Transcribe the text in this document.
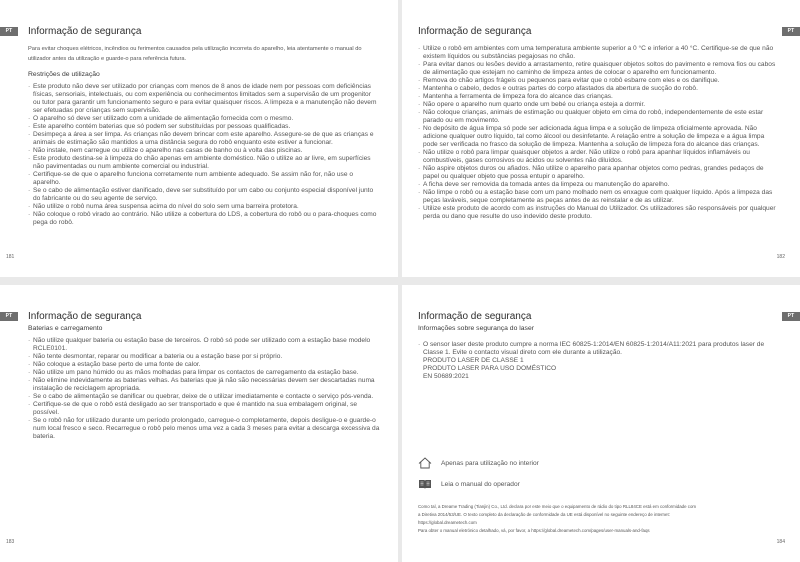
PT	Informação de segurança

Para evitar choques elétricos, incêndios ou ferimentos causados pela utilização incorreta do aparelho, leia atentamente o manual do utilizador antes da utilização e guarde-o para referência futura.

Restrições de utilização

· Este produto não deve ser utilizado por crianças com menos de 8 anos de idade nem por pessoas com deficiências físicas, sensoriais, intelectuais, ou com experiência ou conhecimentos limitados sem a supervisão de um progenitor ou tutor para garantir um funcionamento seguro e para evitar quaisquer riscos. A limpeza e a manutenção não devem ser efetuadas por crianças sem supervisão.
· O aparelho só deve ser utilizado com a unidade de alimentação fornecida com o mesmo.
· Este aparelho contém baterias que só podem ser substituídas por pessoas qualificadas.
· Desimpeça a área a ser limpa. As crianças não devem brincar com este aparelho. Assegure-se de que as crianças e animais de estimação são mantidos a uma distância segura do robô enquanto este estiver a funcionar.
· Não instale, nem carregue ou utilize o aparelho nas casas de banho ou à volta das piscinas.
· Este produto destina-se à limpeza do chão apenas em ambiente doméstico. Não o utilize ao ar livre, em superfícies não pavimentadas ou num ambiente comercial ou industrial.
· Certifique-se de que o aparelho funciona corretamente num ambiente adequado. Se assim não for, não use o aparelho.
· Se o cabo de alimentação estiver danificado, deve ser substituído por um cabo ou conjunto especial disponível junto do fabricante ou do seu agente de serviço.
· Não utilize o robô numa área suspensa acima do nível do solo sem uma barreira protetora.
· Não coloque o robô virado ao contrário. Não utilize a cobertura do LDS, a cobertura do robô ou o para-choques como pega do robô.
181
PT
Informação de segurança
· Utilize o robô em ambientes com uma temperatura ambiente superior a 0 °C e inferior a 40 °C. Certifique-se de que não existem líquidos ou substâncias pegajosas no chão.
· Para evitar danos ou lesões devido a arrastamento, retire quaisquer objetos soltos do pavimento e remova fios ou cabos de alimentação que estejam no caminho de limpeza antes de colocar o aparelho em funcionamento.
· Remova do chão artigos frágeis ou pequenos para evitar que o robô esbarre com eles e os danifique.
· Mantenha o cabelo, dedos e outras partes do corpo afastados da abertura de sucção do robô.
· Mantenha a ferramenta de limpeza fora do alcance das crianças.
· Não opere o aparelho num quarto onde um bebé ou criança esteja a dormir.
· Não coloque crianças, animais de estimação ou qualquer objeto em cima do robô, independentemente de este estar parado ou em movimento.
· No depósito de água limpa só pode ser adicionada água limpa e a solução de limpeza oficialmente aprovada. Não adicione qualquer outro líquido, tal como álcool ou desinfetante. A relação entre a solução de limpeza e a água limpa pode ser verificada no frasco da solução de limpeza. Mantenha a solução de limpeza fora do alcance das crianças.
· Não utilize o robô para limpar quaisquer objetos a arder. Não utilize o robô para apanhar líquidos inflamáveis ou combustíveis, gases corrosivos ou ácidos ou solventes não diluídos.
· Não aspire objetos duros ou afiados. Não utilize o aparelho para apanhar objetos como pedras, grandes pedaços de papel ou qualquer objeto que possa entupir o aparelho.
· A ficha deve ser removida da tomada antes da limpeza ou manutenção do aparelho.
· Não limpe o robô ou a estação base com um pano molhado nem os enxague com qualquer líquido. Após a limpeza das peças laváveis, seque completamente as peças antes de as reinstalar e de as utilizar.
· Utilize este produto de acordo com as instruções do Manual do Utilizador. Os utilizadores são responsáveis por qualquer perda ou dano que resulte do uso indevido deste produto.
182
PT	Informação de segurança

Baterias e carregamento

· Não utilize qualquer bateria ou estação base de terceiros. O robô só pode ser utilizado com a estação base modelo RCLE0101.
· Não tente desmontar, reparar ou modificar a bateria ou a estação base por si próprio.
· Não coloque a estação base perto de uma fonte de calor.
· Não utilize um pano húmido ou as mãos molhadas para limpar os contactos de carregamento da estação base.
· Não elimine indevidamente as baterias velhas. As baterias que já não são necessárias devem ser descartadas numa instalação de reciclagem apropriada.
· Se o cabo de alimentação se danificar ou quebrar, deixe de o utilizar imediatamente e contacte o serviço pós-venda.
· Certifique-se de que o robô está desligado ao ser transportado e que é mantido na sua embalagem original, se possível.
· Se o robô não for utilizado durante um período prolongado, carregue-o completamente, depois desligue-o e guarde-o num local fresco e seco. Recarregue o robô pelo menos uma vez a cada 3 meses para evitar a descarga excessiva da bateria.
183
PT
Informação de segurança

Informações sobre segurança do laser

· O sensor laser deste produto cumpre a norma IEC 60825-1:2014/EN 60825-1:2014/A11:2021 para produtos laser de Classe 1. Evite o contacto visual direto com ele durante a utilização.

PRODUTO LASER DE CLASSE 1

PRODUTO LASER PARA USO DOMÉSTICO

EN 50689:2021

Apenas para utilização no interior
Leia o manual do operador

Como tal, a Dreame Trading (Tianjin) Co., Ltd. declara por este meio que o equipamento de rádio do tipo RLL84CE está em conformidade com

a Diretiva 2014/53/UE. O texto completo da declaração de conformidade da UE está disponível no seguinte endereço de internet:

https://global.dreametech.com

Para obter o manual eletrónico detalhado, vá, por favor, a https://global.dreametech.com/pages/user-manuals-and-faqs

184
